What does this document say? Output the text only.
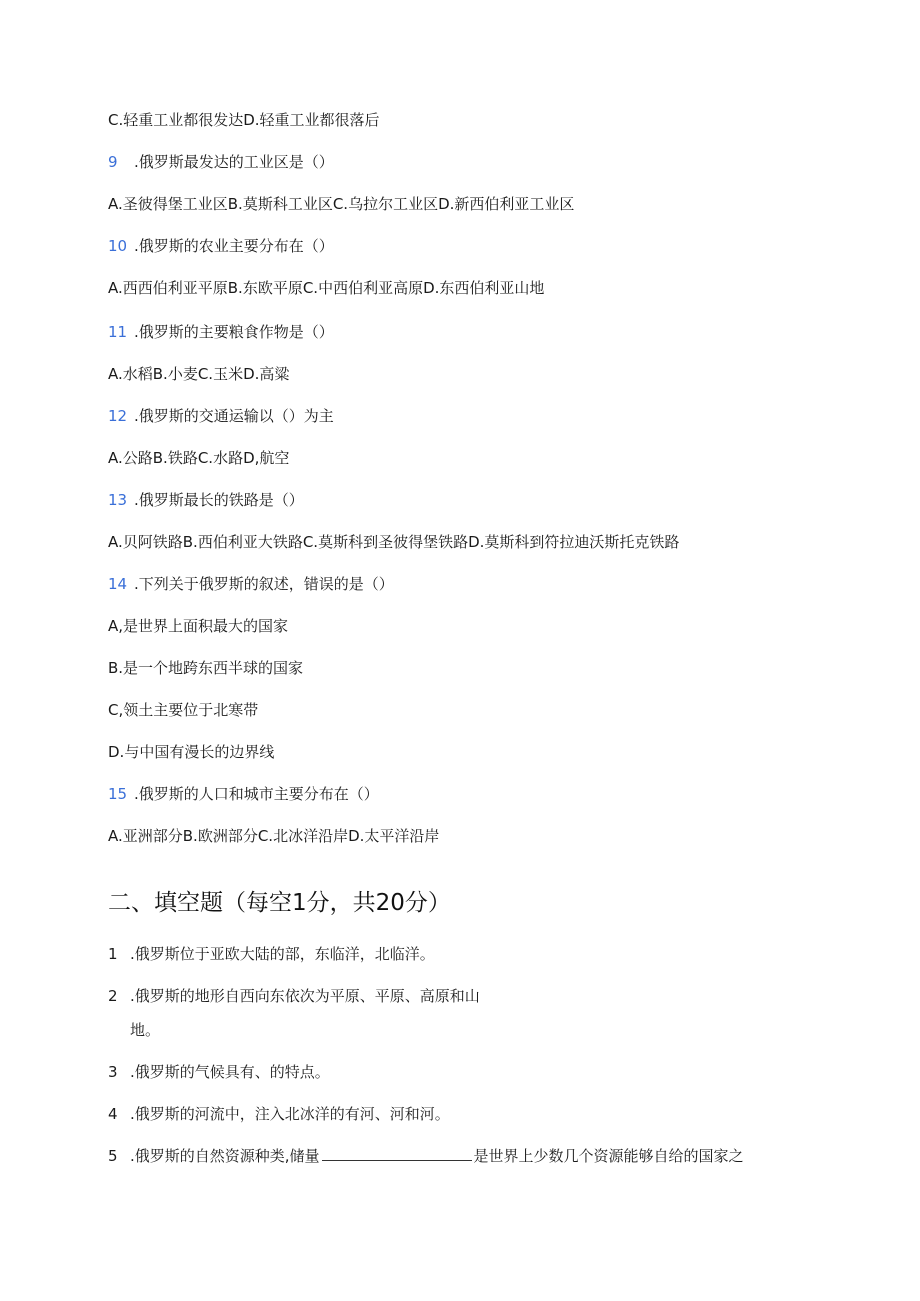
C.轻重工业都很发达D.轻重工业都很落后
9 .俄罗斯最发达的工业区是（）
A.圣彼得堡工业区B.莫斯科工业区C.乌拉尔工业区D.新西伯利亚工业区
10 .俄罗斯的农业主要分布在（）
A.西西伯利亚平原B.东欧平原C.中西伯利亚高原D.东西伯利亚山地
11 .俄罗斯的主要粮食作物是（）
A.水稻B.小麦C.玉米D.高粱
12 .俄罗斯的交通运输以（）为主
A.公路B.铁路C.水路D,航空
13 .俄罗斯最长的铁路是（）
A.贝阿铁路B.西伯利亚大铁路C.莫斯科到圣彼得堡铁路D.莫斯科到符拉迪沃斯托克铁路
14 .下列关于俄罗斯的叙述，错误的是（）
A,是世界上面积最大的国家
B.是一个地跨东西半球的国家
C,领土主要位于北寒带
D.与中国有漫长的边界线
15 .俄罗斯的人口和城市主要分布在（）
A.亚洲部分B.欧洲部分C.北冰洋沿岸D.太平洋沿岸
二、填空题（每空1分，共20分）
1 .俄罗斯位于亚欧大陆的部，东临洋，北临洋。
2 .俄罗斯的地形自西向东依次为平原、平原、高原和山
地。
3 .俄罗斯的气候具有、的特点。
4 .俄罗斯的河流中，注入北冰洋的有河、河和河。
5 .俄罗斯的自然资源种类,储量	是世界上少数几个资源能够自给的国家之
